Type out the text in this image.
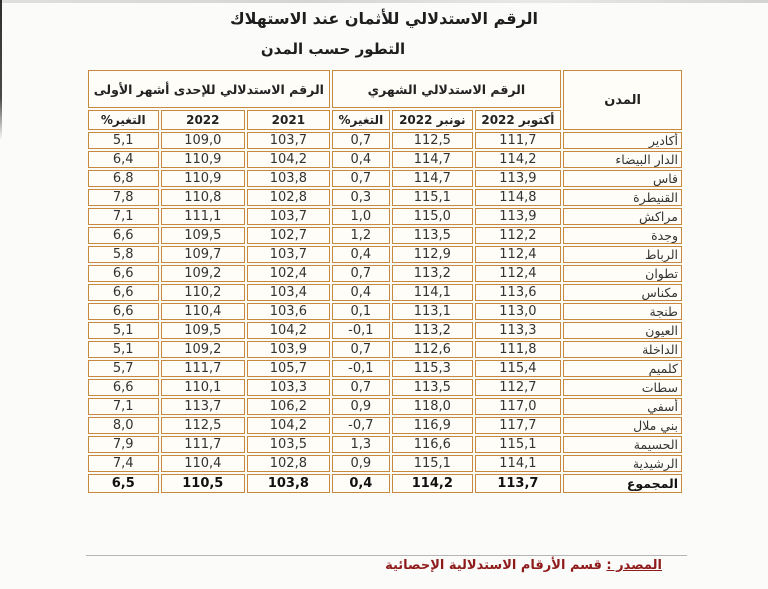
الرقم الاستدلالي للأثمان عند الاستهلاك
التطور حسب المدن
المدن	الرقم الاستدلالي الشهري			الرقم الاستدلالي للإحدى أشهر الأولى		
	أكتوبر 2022	نونبر 2022	التغير%	2021	2022	التغير%
أكادير	111,7	112,5	0,7	103,7	109,0	5,1
الدار البيضاء	114,2	114,7	0,4	104,2	110,9	6,4
فاس	113,9	114,7	0,7	103,8	110,9	6,8
القنيطرة	114,8	115,1	0,3	102,8	110,8	7,8
مراكش	113,9	115,0	1,0	103,7	111,1	7,1
وجدة	112,2	113,5	1,2	102,7	109,5	6,6
الرباط	112,4	112,9	0,4	103,7	109,7	5,8
تطوان	112,4	113,2	0,7	102,4	109,2	6,6
مكناس	113,6	114,1	0,4	103,4	110,2	6,6
طنجة	113,0	113,1	0,1	103,6	110,4	6,6
العيون	113,3	113,2	-0,1	104,2	109,5	5,1
الداخلة	111,8	112,6	0,7	103,9	109,2	5,1
كلميم	115,4	115,3	-0,1	105,7	111,7	5,7
سطات	112,7	113,5	0,7	103,3	110,1	6,6
أسفي	117,0	118,0	0,9	106,2	113,7	7,1
بني ملال	117,7	116,9	-0,7	104,2	112,5	8,0
الحسيمة	115,1	116,6	1,3	103,5	111,7	7,9
الرشيدية	114,1	115,1	0,9	102,8	110,4	7,4
المجموع	113,7	114,2	0,4	103,8	110,5	6,5
المصدر : قسم الأرقام الاستدلالية الإحصائية
